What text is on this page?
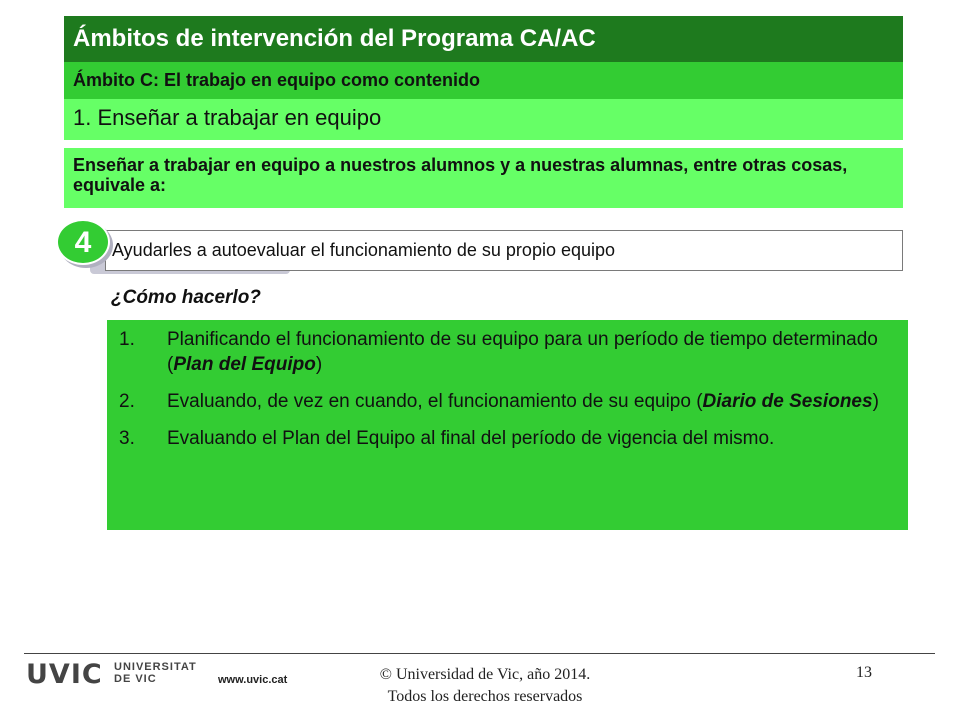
Ámbitos de intervención del Programa CA/AC
Ámbito C: El trabajo en equipo como contenido
1. Enseñar a trabajar en equipo
Enseñar a trabajar en equipo a nuestros alumnos y a nuestras alumnas, entre otras cosas, equivale a:
Ayudarles a autoevaluar el funcionamiento de su propio equipo
4
¿Cómo hacerlo?
1.	Planificando el funcionamiento de su equipo para un período de tiempo determinado (Plan del Equipo)
2.	Evaluando, de vez en cuando, el funcionamiento de su equipo (Diario de Sesiones)
3.	Evaluando el Plan del Equipo al final del período de vigencia del mismo.
UVIC UNIVERSITAT
DE VIC	www.uvic.cat	© Universidad de Vic, año 2014.
Todos los derechos reservados
13
